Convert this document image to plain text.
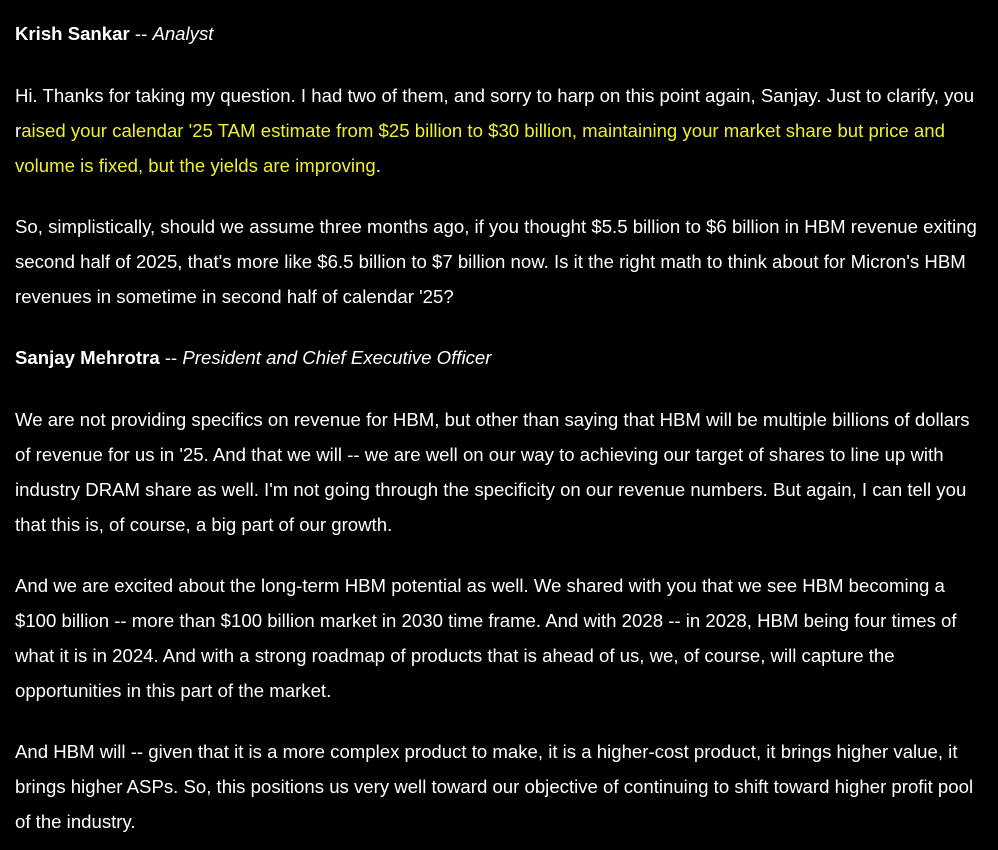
Krish Sankar -- Analyst

Hi. Thanks for taking my question. I had two of them, and sorry to harp on this point again, Sanjay. Just to clarify, you raised your calendar '25 TAM estimate from $25 billion to $30 billion, maintaining your market share but price and volume is fixed, but the yields are improving.

So, simplistically, should we assume three months ago, if you thought $5.5 billion to $6 billion in HBM revenue exiting second half of 2025, that's more like $6.5 billion to $7 billion now. Is it the right math to think about for Micron's HBM revenues in sometime in second half of calendar '25?

Sanjay Mehrotra -- President and Chief Executive Officer

We are not providing specifics on revenue for HBM, but other than saying that HBM will be multiple billions of dollars of revenue for us in '25. And that we will -- we are well on our way to achieving our target of shares to line up with industry DRAM share as well. I'm not going through the specificity on our revenue numbers. But again, I can tell you that this is, of course, a big part of our growth.

And we are excited about the long-term HBM potential as well. We shared with you that we see HBM becoming a $100 billion -- more than $100 billion market in 2030 time frame. And with 2028 -- in 2028, HBM being four times of what it is in 2024. And with a strong roadmap of products that is ahead of us, we, of course, will capture the opportunities in this part of the market.

And HBM will -- given that it is a more complex product to make, it is a higher-cost product, it brings higher value, it brings higher ASPs. So, this positions us very well toward our objective of continuing to shift toward higher profit pool of the industry.
